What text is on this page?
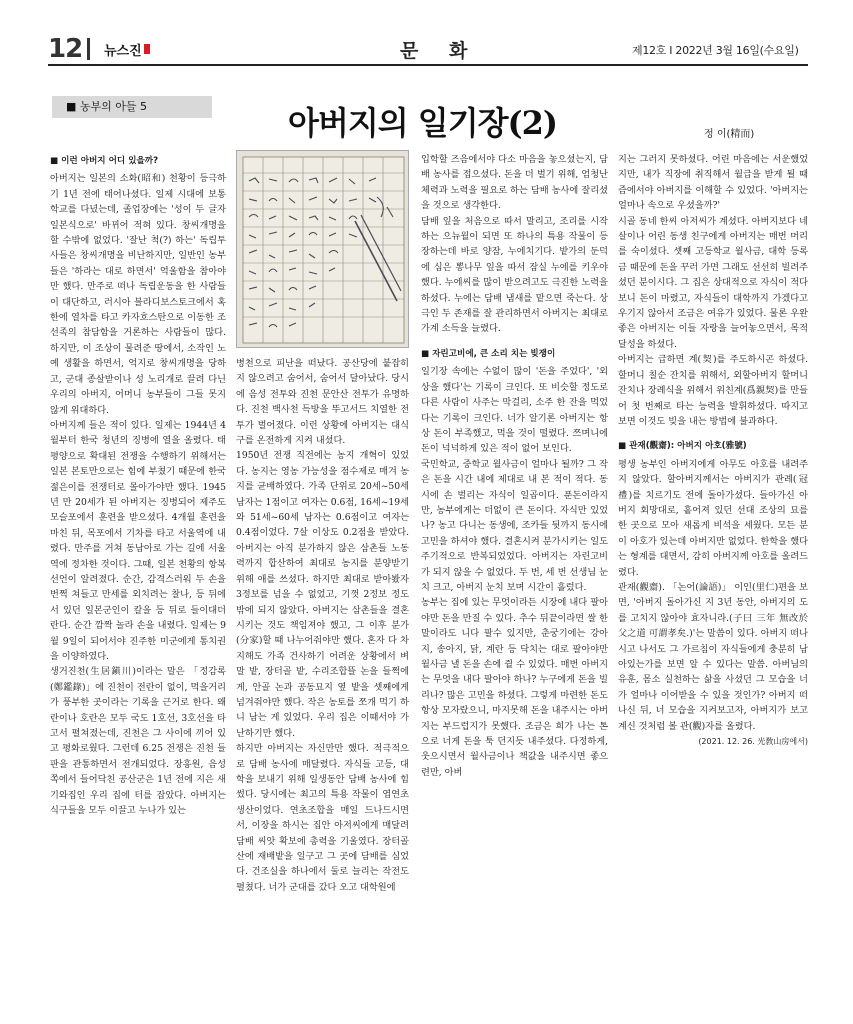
12 뉴스진	문 화	제12호 I 2022년 3월 16일(수요일)
■ 농부의 아들 5	아버지의 일기장(2)	정 이(精而)

■ 이런 아버지 어디 있을까?

아버지는 일본의 소화(昭和) 천황이 등극하기 1년 전에 태어나셨다. 일제 시대에 보통학교를 다녔는데, 졸업장에는 '성이 두 글자 일본식으로' 바뀌어 적혀 있다. 창씨개명을 할 수밖에 없었다. '잘난 척(?) 하는' 독립투사들은 창씨개명을 비난하지만, 일반인 농부들은 '하라는 대로 하면서' 억울함을 참아야만 했다. 만주로 떠나 독립운동을 한 사람들이 대단하고, 러시아 블라디보스토크에서 혹한에 열차를 타고 카자흐스탄으로 이동한 조선족의 참담함을 거론하는 사람들이 많다. 하지만, 이 조상이 물려준 땅에서, 소작인 노예 생활을 하면서, 억지로 창씨개명을 당하고, 군대 종살받이나 성 노리개로 끌려 다닌 우리의 아버지, 어머니 농부들이 그들 못지않게 위대하다.

아버지께 들은 적이 있다. 일제는 1944년 4월부터 한국 청년의 징병에 열을 올렸다. 태평양으로 확대된 전쟁을 수행하기 위해서는 일본 본토만으로는 힘에 부쳤기 때문에 한국 젊은이를 전쟁터로 몰아가야만 했다. 1945년 만 20세가 된 아버지는 징병되어 제주도 모슬포에서 훈련을 받으셨다. 4개월 훈련을 마친 뒤, 목포에서 기차를 타고 서울역에 내렸다. 만주를 거쳐 동남아로 가는 길에 서울역에 정차한 것이다. 그때, 일본 천황의 항복 선언이 알려졌다. 순간, 감격스러워 두 손을 번쩍 쳐들고 만세를 외치려는 찰나, 등 뒤에 서 있던 일본군인이 칼을 등 뒤로 들이대더란다. 순간 깜짝 놀라 손을 내렸다. 일제는 9월 9일이 되어서야 진주한 미군에게 통치권을 이양하였다.

생거진천(生居鎭川)이라는 말은 「정감록(鄭鑑錄)」에 진천이 전란이 없이, 먹을거리가 풍부한 곳이라는 기록을 근거로 한다. 왜란이나 호란은 모두 국도 1호선, 3호선을 타고서 펼쳐졌는데, 진천은 그 사이에 끼어 있고 평화로웠다. 그런데 6.25 전쟁은 진천 들판을 관통하면서 전개되었다. 장흥원, 음성 쪽에서 들어닥친 공산군은 1년 전에 지은 새 기와집인 우리 집에 터를 잡았다. 아버지는 식구들을 모두 이끌고 누나가 있는

병천으로 피난을 떠났다. 공산당에 붙잡히지 않으려고 숨어서, 숨어서 달아났다. 당시에 음성 전투와 진천 문안산 전투가 유명하다. 진천 백사천 득방을 뚜고서드 치열한 전투가 벌어졌다. 이런 상황에 아버지는 대식구를 온전하게 지켜 내셨다.

1950년 전쟁 직전에는 농지 개혁이 있었다. 농지는 영농 가능성을 점수제로 매겨 농지를 균배하였다. 가족 단위로 20세~50세 남자는 1점이고 여자는 0.6점, 16세~19세와 51세~60세 남자는 0.6점이고 여자는 0.4점이었다. 7살 이상도 0.2점을 받았다. 아버지는 아직 분가하지 않은 삼촌들 노동력까지 합산하여 최대로 농지를 분양받기 위해 애를 쓰셨다. 하지만 최대로 받아봤자 3정보를 넘을 수 없었고, 기껏 2정보 정도밖에 되지 않았다. 아버지는 삼촌들을 결혼시키는 것도 책임져야 했고, 그 이후 분가(分家)할 때 나누어줘야만 했다. 혼자 다 차지해도 가족 건사하기 어려운 상황에서 벼말 밭, 장터골 밭, 수리조합뜰 논을 들쩍에게, 안골 논과 공동묘지 옆 밭을 셋째에게 넘겨줘야만 했다. 작은 농토를 쪼개 먹기 하니 남는 게 있었다. 우리 집은 이때서야 가난하기만 했다.

하지만 아버지는 자신만만 했다. 적극적으로 담배 농사에 매달렸다. 자식들 고등, 대학을 보내기 위해 일생동안 담배 농사에 힘썼다. 당시에는 최고의 특용 작물이 엽연초 생산이었다. 연초조합을 매일 드나드시면서, 이장을 하시는 집안 아저씨에게 매달려 담배 씨앗 확보에 총력을 기울였다. 장터골 산에 재배밭을 일구고 그 곳에 담배를 심었다. 건조실을 하나에서 둘로 늘리는 작전도 펼쳤다. 너가 군대를 갔다 오고 대학원에

입학할 즈음에서야 다소 마음을 놓으셨는지, 담배 농사를 접으셨다. 돈을 더 벌기 위해, 엄청난 체력과 노력을 필요로 하는 담배 농사에 잘리셨을 것으로 생각한다.

담배 잎을 처음으로 따서 말리고, 조리를 시작하는 으뉴월이 되면 또 하나의 특용 작물이 등장하는데 바로 양잠, 누에치기다. 밭가의 둔덕에 심은 뽕나무 잎을 따서 잠실 누에를 키우야 했다. 누에씨를 많이 받으려고도 극진한 노력을 하셨다. 누에는 담배 냄새를 맡으면 죽는다. 상극인 두 존재를 잘 관리하면서 아버지는 최대로 가계 소득을 늘렸다.

■ 자린고비에, 큰 소리 치는 빚쟁이

일기장 속에는 수없이 많이 '돈을 주었다', '외상을 했다'는 기록이 크인다. 또 비슷할 정도로 다른 사람이 사주는 막걸리, 소주 한 잔을 먹었다는 기록이 크인다. 너가 알기론 아버지는 항상 돈이 부족했고, 먹을 것이 떨렸다. 쯔며니에 돈이 넉넉하게 있은 적이 없어 보인다.

국민학교, 중학교 월사금이 얼마나 될까? 그 작은 돈을 시간 내에 제대로 내 본 적이 적다. 동시에 손 벌리는 자식이 일곱이다. 푼돈이라지만, 농부에게는 더없이 큰 돈이다. 자식만 있었나? 농고 다니는 동생에, 조카들 뒷까지 동시에 고민을 하셔야 했다. 결혼시켜 분가시키는 일도 주기적으로 반복되었었다. 아버지는 자린고비가 되지 않을 수 없었다. 두 번, 세 번 선생님 눈치 크고, 아버지 눈치 보며 시간이 흘렀다.

농부는 집에 있는 무엇이라든 시장에 내다 팔아야만 돈을 만질 수 있다. 추수 뒤끝이라면 쌀 한 말이라도 니다 팔수 있지만, 춘궁기에는 강아지, 송아지, 닭, 계란 등 닥치는 대로 팔아야만 월사금 낼 돈을 손에 쥘 수 있었다. 매번 아버지는 무엇을 내다 팔아야 하나? 누구에게 돈을 빌리나? 많은 고민을 하셨다. 그렇게 마련한 돈도 항상 모자랐으니, 마지못해 돈을 내주시는 아버지는 부드럽지가 못했다. 조금은 희가 나는 톤으로 너게 돈을 툭 던지듯 내주셨다. 다정하게, 웃으시면서 월사금이나 책값을 내주시면 좋으련만, 아버

지는 그러지 못하셨다. 어린 마음에는 서운했었지만, 내가 직장에 취직해서 월급을 받게 될 때 즘에서야 아버지를 이해할 수 있었다. '아버지는 얼마나 속으로 우셨을까?'

시골 동네 한씨 아저씨가 계셨다. 아버지보다 네 살이나 어린 동생 친구에게 아버지는 매번 머리를 숙이셨다. 셋째 고등학교 월사금, 대학 등록금 때문에 돈을 꾸러 가면 그래도 선선히 빌려주셨던 분이시다. 그 집은 상대적으로 자식이 적다 보니 돈이 마렸고, 자식들이 대학까지 가겠다고 우기지 않아서 조금은 여유가 있었다. 물론 우완 좋은 아버지는 이들 자랑을 늘어놓으면서, 목적 달성을 하셨다.

아버지는 급하면 계(契)를 주도하시곤 하셨다. 할머니 칠순 잔치를 위해서, 외할아버지 할머니 잔치나 장례식을 위해서 위친계(爲親契)를 만들어 첫 번째로 타는 능력을 발휘하셨다. 따지고 보면 이것도 빚을 내는 방법에 불과하다.

■ 관재(觀齋): 아버지 아호(雅號)

평생 농부인 아버지에게 아무도 아호를 내려주지 않았다. 할아버지께서는 아버지가 관례(冠禮)를 치르기도 전에 돌아가셨다. 들아가신 아버지 회망대로, 흩어져 있던 선대 조상의 묘를 한 곳으로 모아 새롭게 비석을 세웠다. 모든 분이 아호가 있는데 아버지만 없었다. 한학을 했다는 형계를 대면서, 감히 아버지께 아호를 올려드렸다.

관재(觀齋). 「논어(論語)」 이인(里仁)편을 보면, '아버지 돌아가신 지 3년 동안, 아버지의 도를 고치지 않아야 효자니라.(子曰 三年 無改於父之道 可謂孝矣.)'는 말씀이 있다. 아버지 떠나시고 나서도 그 가르침이 자식들에게 충분히 남아있는가를 보면 알 수 있다는 말씀. 아버님의 유훈, 몸소 실천하는 삶을 사셨던 그 모습을 너가 얼마나 이어받을 수 있을 것인가? 아버지 떠나신 뒤, 너 모습을 지켜보고자, 아버지가 보고 계신 것처럼 볼 관(觀)자를 올렸다.

(2021. 12. 26. 光敎山房에서)
